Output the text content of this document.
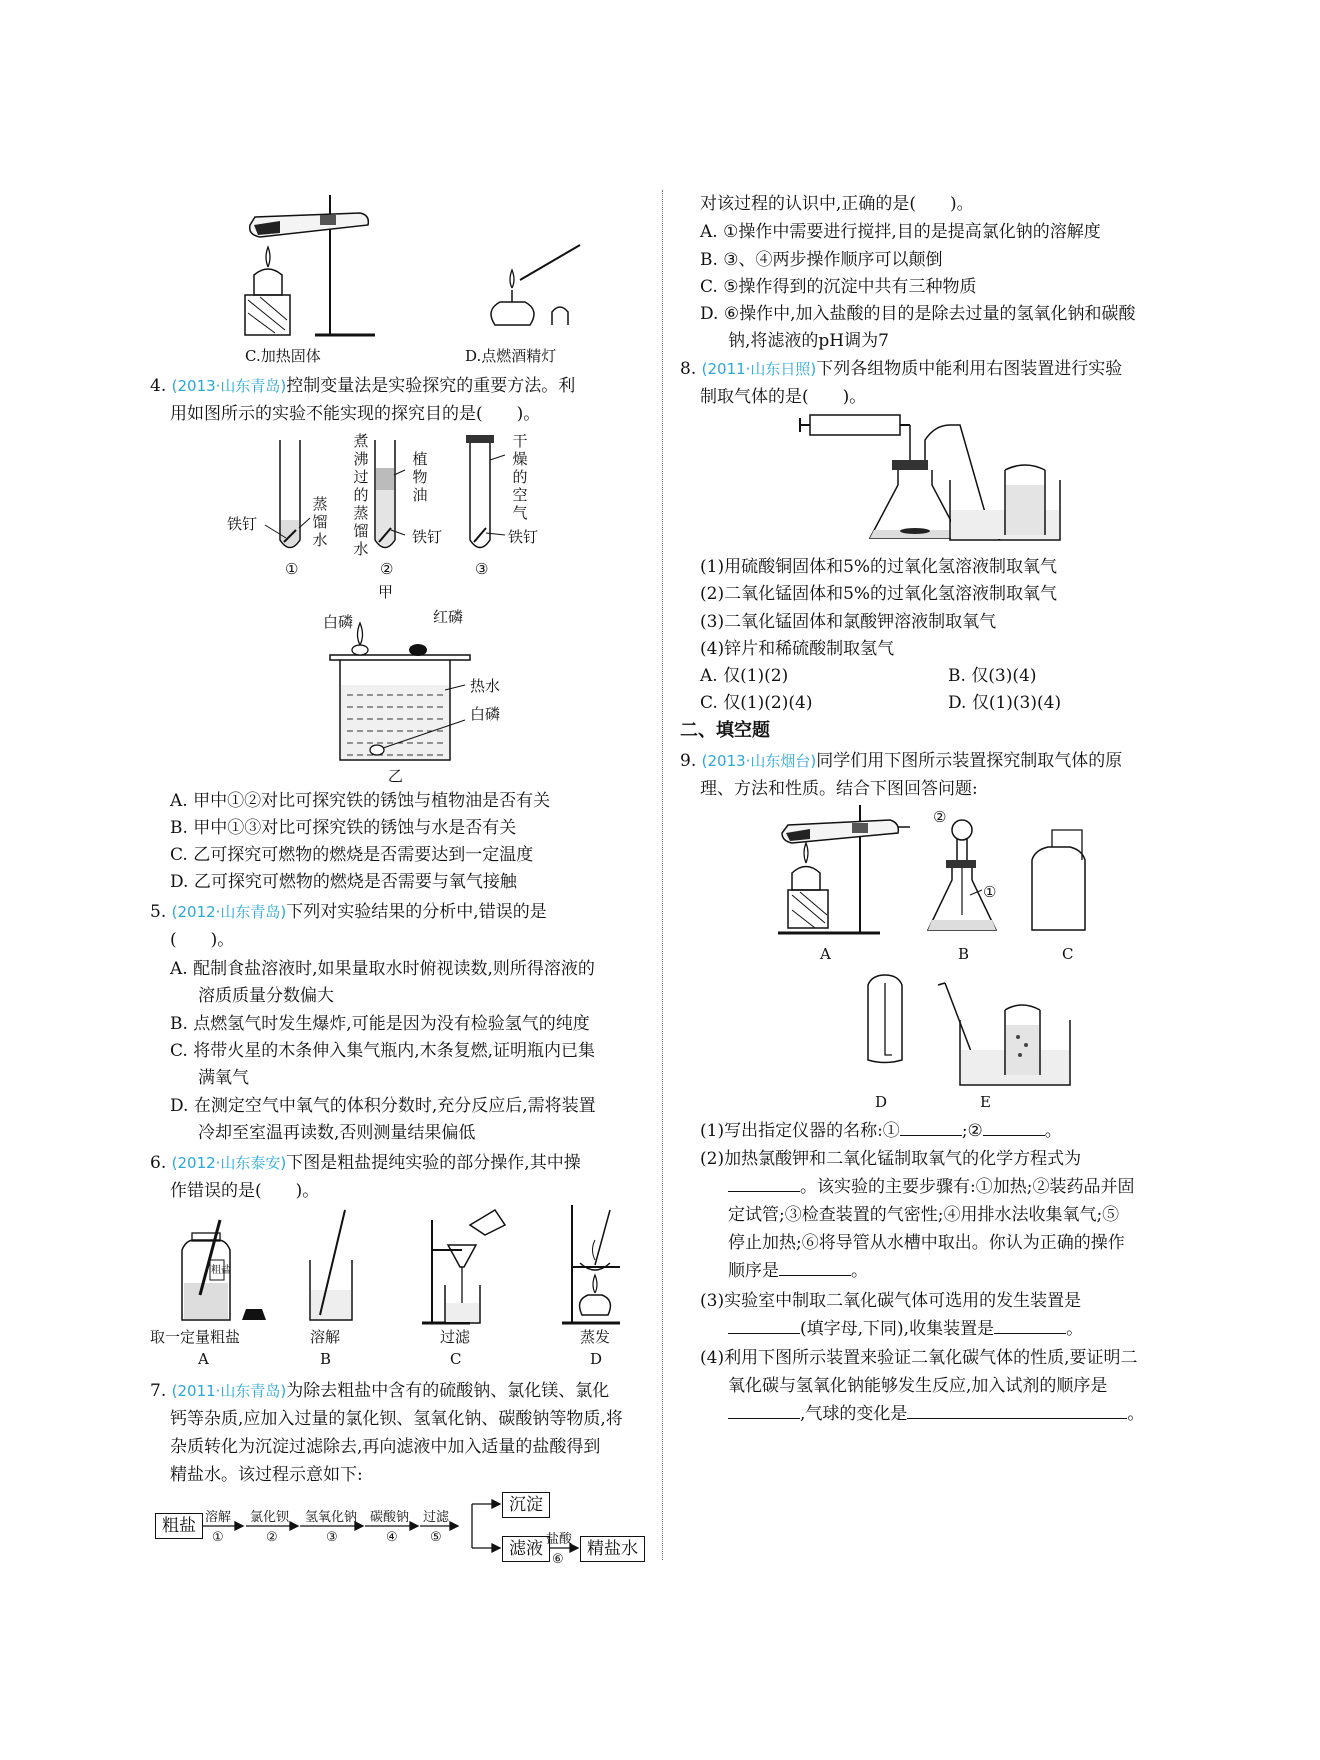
C.加热固体	D.点燃酒精灯
4. (2013·山东青岛)控制变量法是实验探究的重要方法。利
用如图所示的实验不能实现的探究目的是(　　)。
铁钉
蒸馏水
①
煮沸过的蒸馏水
植物油
铁钉
②
干燥的空气
铁钉
③
甲
白磷	红磷
热水
白磷
乙
A. 甲中①②对比可探究铁的锈蚀与植物油是否有关
B. 甲中①③对比可探究铁的锈蚀与水是否有关
C. 乙可探究可燃物的燃烧是否需要达到一定温度
D. 乙可探究可燃物的燃烧是否需要与氧气接触
5. (2012·山东青岛)下列对实验结果的分析中,错误的是
(　　)。
A. 配制食盐溶液时,如果量取水时俯视读数,则所得溶液的
溶质质量分数偏大
B. 点燃氢气时发生爆炸,可能是因为没有检验氢气的纯度
C. 将带火星的木条伸入集气瓶内,木条复燃,证明瓶内已集
满氧气
D. 在测定空气中氧气的体积分数时,充分反应后,需将装置
冷却至室温再读数,否则测量结果偏低
6. (2012·山东泰安)下图是粗盐提纯实验的部分操作,其中操
作错误的是(　　)。
粗盐
取一定量粗盐
A
溶解
B
过滤
C
蒸发
D
7. (2011·山东青岛)为除去粗盐中含有的硫酸钠、氯化镁、氯化
钙等杂质,应加入过量的氯化钡、氢氧化钠、碳酸钠等物质,将
杂质转化为沉淀过滤除去,再向滤液中加入适量的盐酸得到
精盐水。该过程示意如下:
粗盐 溶解
①
氯化钡
②
氢氧化钠
③
碳酸钠
④
过滤
⑤
沉淀
滤液 盐酸
⑥
精盐水
对该过程的认识中,正确的是(　　)。
A. ①操作中需要进行搅拌,目的是提高氯化钠的溶解度
B. ③、④两步操作顺序可以颠倒
C. ⑤操作得到的沉淀中共有三种物质
D. ⑥操作中,加入盐酸的目的是除去过量的氢氧化钠和碳酸
钠,将滤液的pH调为7
8. (2011·山东日照)下列各组物质中能利用右图装置进行实验
制取气体的是(　　)。
(1)用硫酸铜固体和5%的过氧化氢溶液制取氧气
(2)二氧化锰固体和5%的过氧化氢溶液制取氧气
(3)二氧化锰固体和氯酸钾溶液制取氧气
(4)锌片和稀硫酸制取氢气
A. 仅(1)(2)	B. 仅(3)(4)
C. 仅(1)(2)(4)	D. 仅(1)(3)(4)
二、填空题
9. (2013·山东烟台)同学们用下图所示装置探究制取气体的原
理、方法和性质。结合下图回答问题:
②
①
A	B	C
D	E
(1)写出指定仪器的名称:①	;②	。
(2)加热氯酸钾和二氧化锰制取氧气的化学方程式为
。该实验的主要步骤有:①加热;②装药品并固
定试管;③检查装置的气密性;④用排水法收集氧气;⑤
停止加热;⑥将导管从水槽中取出。你认为正确的操作
顺序是	。
(3)实验室中制取二氧化碳气体可选用的发生装置是
(填字母,下同),收集装置是	。
(4)利用下图所示装置来验证二氧化碳气体的性质,要证明二
氧化碳与氢氧化钠能够发生反应,加入试剂的顺序是
,气球的变化是	。
